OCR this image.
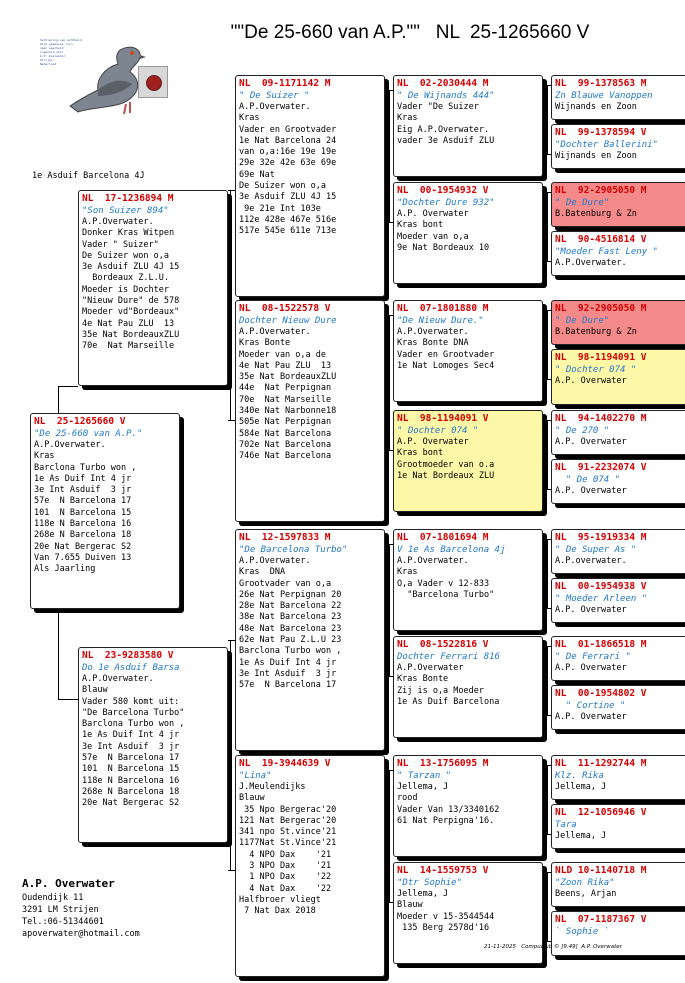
""De 25-660 van A.P.""   NL  25-1265660 V
Verklaring van echtheid
Alle gegevens zijn
naar waarheid
ingevuld door
A.P. Overwater
Strijen
Nederland
1e Asduif Barcelona 4J
NL  25-1265660 V
"De 25-660 van A.P."
A.P.Overwater.
Kras
Barclona Turbo won ,
1e As Duif Int 4 jr
3e Int Asduif  3 jr
57e  N Barcelona 17
101  N Barcelona 15
118e N Barcelona 16
268e N Barcelona 18
20e Nat Bergerac S2
Van 7.655 Duiven 13
Als Jaarling
NL  17-1236894 M
"Son Suizer 894"
A.P.Overwater.
Donker Kras Witpen
Vader " Suizer"
De Suizer won o,a
3e Asduif ZLU 4J 15
Bordeaux Z.L.U.
Moeder is Dochter
"Nieuw Dure" de 578
Moeder vd"Bordeaux"
4e Nat Pau ZLU  13
35e Nat BordeauxZLU
70e  Nat Marseille
NL  23-9283580 V
Do 1e Asduif Barsa
A.P.Overwater.
Blauw
Vader 580 komt uit:
"De Barcelona Turbo"
Barclona Turbo won ,
1e As Duif Int 4 jr
3e Int Asduif  3 jr
57e  N Barcelona 17
101  N Barcelona 15
118e N Barcelona 16
268e N Barcelona 18
20e Nat Bergerac S2
NL  09-1171142 M
" De Suizer "
A.P.Overwater.
Kras
Vader en Grootvader
1e Nat Barcelona 24
van o,a:16e 19e 19e
29e 32e 42e 63e 69e
69e Nat
De Suizer won o,a
3e Asduif ZLU 4J 15
9e 21e Int 103e
112e 428e 467e 516e
517e 545e 611e 713e
NL  08-1522578 V
Dochter Nieuw Dure
A.P.Overwater.
Kras Bonte
Moeder van o,a de
4e Nat Pau ZLU  13
35e Nat BordeauxZLU
44e  Nat Perpignan
70e  Nat Marseille
340e Nat Narbonne18
505e Nat Perpignan
584e Nat Barcelona
702e Nat Barcelona
746e Nat Barcelona
NL  12-1597833 M
"De Barcelona Turbo"
A.P.Overwater.
Kras  DNA
Grootvader van o,a
26e Nat Perpignan 20
28e Nat Barcelona 22
38e Nat Barcelona 23
48e Nat Barcelona 23
62e Nat Pau Z.L.U 23
Barclona Turbo won ,
1e As Duif Int 4 jr
3e Int Asduif  3 jr
57e  N Barcelona 17
NL  19-3944639 V
"Lina"
J.Meulendijks
Blauw
35 Npo Bergerac'20
121 Nat Bergerac'20
341 npo St.vince'21
1177Nat St.Vince'21
4 NPO Dax    '21
3 NPO Dax    '21
1 NPO Dax    '22
4 Nat Dax    '22
Halfbroer vliegt
7 Nat Dax 2018
NL  02-2030444 M
" De Wijnands 444"
Vader "De Suizer
Kras
Eig A.P.Overwater.
vader 3e Asduif ZLU
NL  00-1954932 V
"Dochter Dure 932"
A.P. Overwater
Kras bont
Moeder van o,a
9e Nat Bordeaux 10
NL  07-1801880 M
"De Nieuw Dure."
A.P.Overwater.
Kras Bonte DNA
Vader en Grootvader
1e Nat Lomoges Sec4
NL  98-1194091 V
" Dochter 074 "
A.P. Overwater
Kras bont
Grootmoeder van o.a
1e Nat Bordeaux ZLU
NL  07-1801694 M
V 1e As Barcelona 4j
A.P.Overwater.
Kras
O,a Vader v 12-833
"Barcelona Turbo"
NL  08-1522816 V
Dochter Ferrari 816
A.P.Overwater
Kras Bonte
Zij is o,a Moeder
1e As Duif Barcelona
NL  13-1756095 M
" Tarzan "
Jellema, J
rood
Vader Van 13/3340162
61 Nat Perpigna'16.
NL  14-1559753 V
"Dtr Sophie"
Jellema, J
Blauw
Moeder v 15-3544544
135 Berg 2578d'16
NL  99-1378563 M
Zn Blauwe Vanoppen
Wijnands en Zoon
NL  99-1378594 V
"Dochter Ballerini"
Wijnands en Zoon
NL  92-2905050 M
" De Dure"
B.Batenburg & Zn
NL  90-4516814 V
"Moeder Fast Leny "
A.P.Overwater.
NL  92-2905050 M
" De Dure"
B.Batenburg & Zn
NL  98-1194091 V
" Dochter 074 "
A.P. Overwater
NL  94-1402270 M
" De 270 "
A.P. Overwater
NL  91-2232074 V
" De 074 "
A.P. Overwater
NL  95-1919334 M
" De Super As "
A.P.overwater.
NL  00-1954938 V
" Moeder Arleen "
A.P. Overwater
NL  01-1866518 M
" De Ferrari "
A.P. Overwater
NL  00-1954802 V
" Cortine "
A.P. Overwater
NL  11-1292744 M
Klz. Rika
Jellema, J
NL  12-1056946 V
Tara
Jellema, J
NLD 10-1140718 M
"Zoon Rika"
Beens, Arjan
NL  07-1187367 V
` Sophie `
A.P. Overwater
Oudendijk 11
3291 LM Strijen
Tel.:06-51344601
apoverwater@hotmail.com
21-11-2025   Compuclub © [9.49]  A.P. Overwater
